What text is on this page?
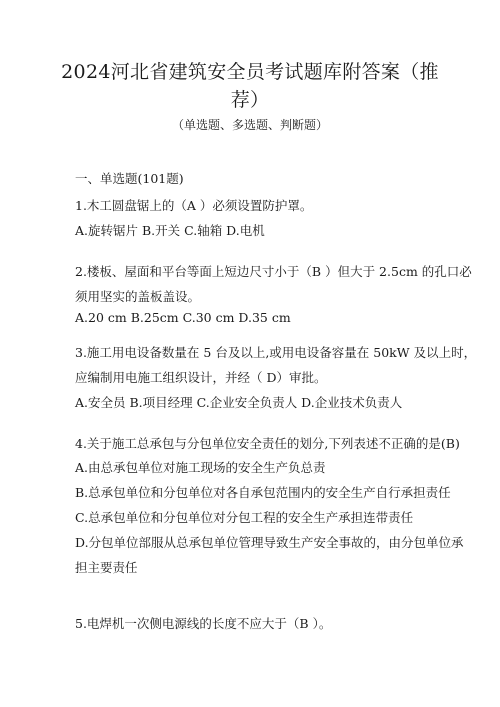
2024河北省建筑安全员考试题库附答案（推
荐）
（单选题、多选题、判断题）
一、单选题(101题)
1.木工圆盘锯上的（A ）必须设置防护罩。
A.旋转锯片 B.开关 C.轴箱 D.电机
2.楼板、屋面和平台等面上短边尺寸小于（B ）但大于 2.5cm 的孔口必
须用坚实的盖板盖设。
A.20 cm B.25cm C.30 cm D.35 cm
3.施工用电设备数量在 5 台及以上,或用电设备容量在 50kW 及以上时，
应编制用电施工组织设计，并经（ D）审批。
A.安全员 B.项目经理 C.企业安全负责人 D.企业技术负责人
4.关于施工总承包与分包单位安全责任的划分,下列表述不正确的是(B)
A.由总承包单位对施工现场的安全生产负总责
B.总承包单位和分包单位对各自承包范围内的安全生产自行承担责任
C.总承包单位和分包单位对分包工程的安全生产承担连带责任
D.分包单位部服从总承包单位管理导致生产安全事故的，由分包单位承
担主要责任
5.电焊机一次侧电源线的长度不应大于（B ）。
